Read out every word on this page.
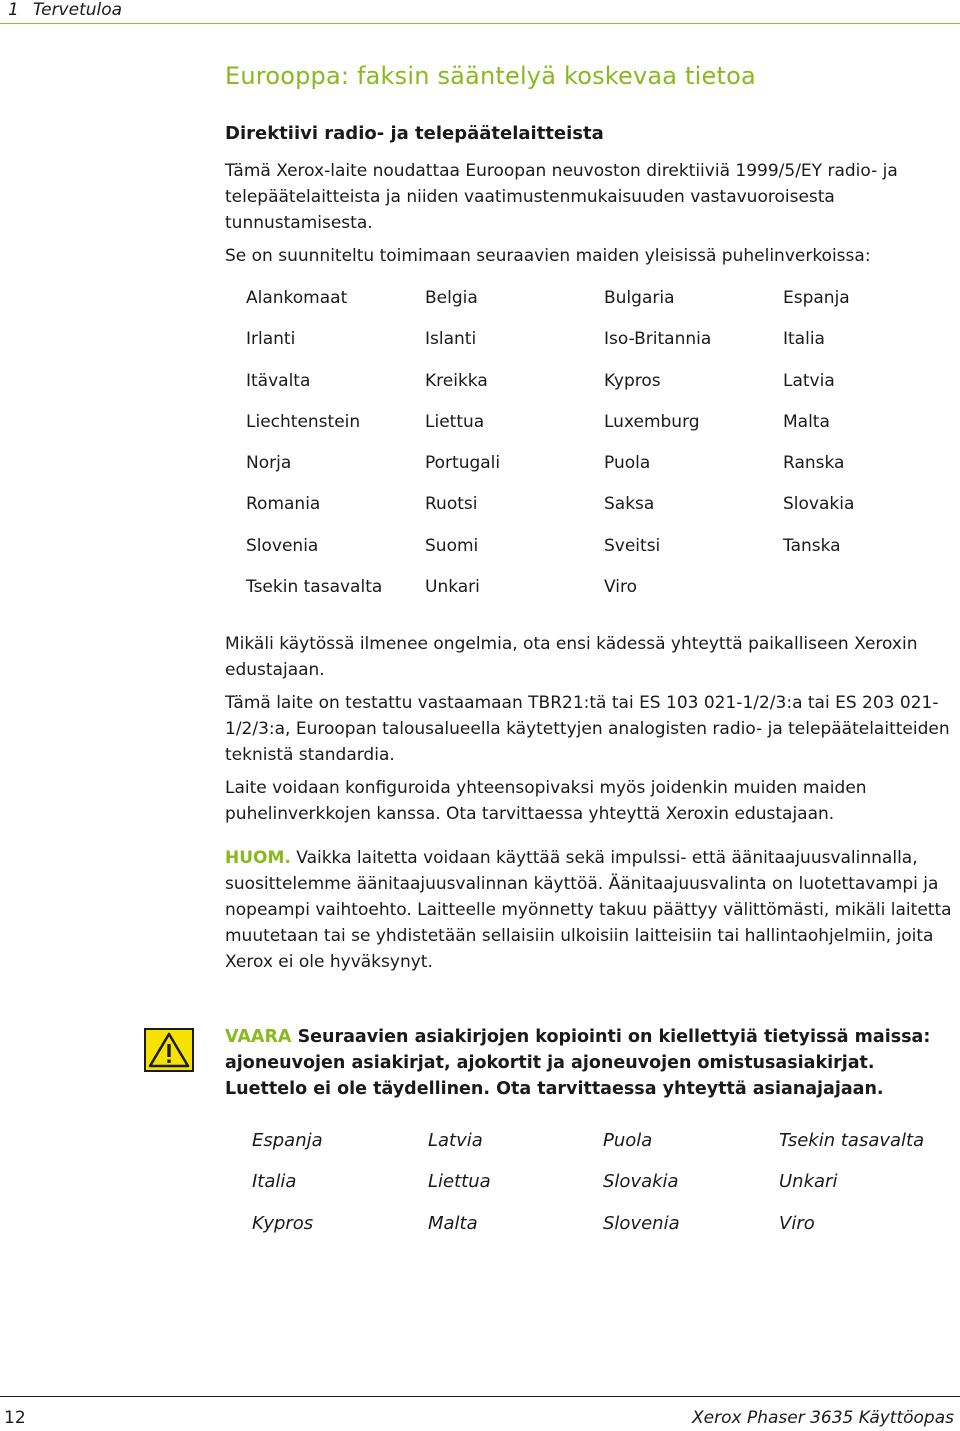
1 Tervetuloa
Eurooppa: faksin sääntelyä koskevaa tietoa
Direktiivi radio- ja telepäätelaitteista
Tämä Xerox-laite noudattaa Euroopan neuvoston direktiiviä 1999/5/EY radio- ja telepäätelaitteista ja niiden vaatimustenmukaisuuden vastavuoroisesta tunnustamisesta.
Se on suunniteltu toimimaan seuraavien maiden yleisissä puhelinverkoissa:
Alankomaat	Belgia	Bulgaria	Espanja
Irlanti	Islanti	Iso-Britannia	Italia
Itävalta	Kreikka	Kypros	Latvia
Liechtenstein	Liettua	Luxemburg	Malta
Norja	Portugali	Puola	Ranska
Romania	Ruotsi	Saksa	Slovakia
Slovenia	Suomi	Sveitsi	Tanska
Tsekin tasavalta	Unkari	Viro
Mikäli käytössä ilmenee ongelmia, ota ensi kädessä yhteyttä paikalliseen Xeroxin edustajaan.
Tämä laite on testattu vastaamaan TBR21:tä tai ES 103 021-1/2/3:a tai ES 203 021-1/2/3:a, Euroopan talousalueella käytettyjen analogisten radio- ja telepäätelaitteiden teknistä standardia.
Laite voidaan konfiguroida yhteensopivaksi myös joidenkin muiden maiden puhelinverkkojen kanssa. Ota tarvittaessa yhteyttä Xeroxin edustajaan.
HUOM. Vaikka laitetta voidaan käyttää sekä impulssi- että äänitaajuusvalinnalla, suosittelemme äänitaajuusvalinnan käyttöä. Äänitaajuusvalinta on luotettavampi ja nopeampi vaihtoehto. Laitteelle myönnetty takuu päättyy välittömästi, mikäli laitetta muutetaan tai se yhdistetään sellaisiin ulkoisiin laitteisiin tai hallintaohjelmiin, joita Xerox ei ole hyväksynyt.
VAARA Seuraavien asiakirjojen kopiointi on kiellettyiä tietyissä maissa: ajoneuvojen asiakirjat, ajokortit ja ajoneuvojen omistusasiakirjat. Luettelo ei ole täydellinen. Ota tarvittaessa yhteyttä asianajajaan.
Espanja	Latvia	Puola	Tsekin tasavalta
Italia	Liettua	Slovakia	Unkari
Kypros	Malta	Slovenia	Viro
12	Xerox Phaser 3635 Käyttöopas
